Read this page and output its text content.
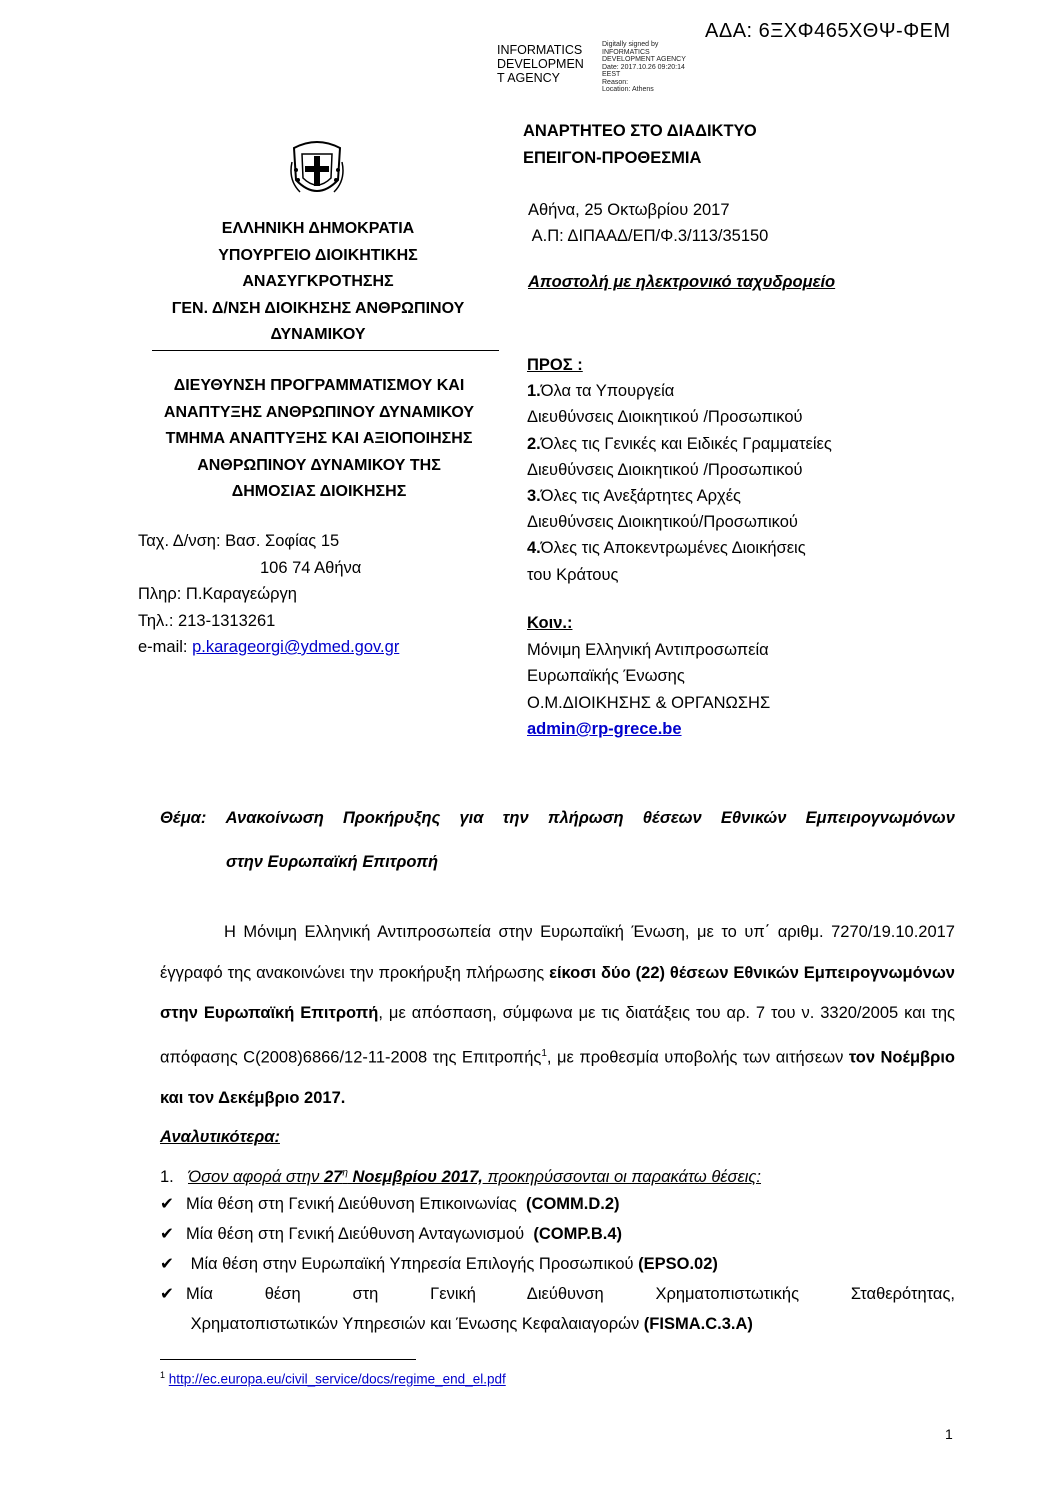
ΑΔΑ: 6ΞΧΦ465ΧΘΨ-ΦΕΜ
INFORMATICS
DEVELOPMEN
T AGENCY
Digitally signed by
INFORMATICS
DEVELOPMENT AGENCY
Date: 2017.10.26 09:20:14
EEST
Reason:
Location: Athens
ΕΛΛΗΝΙΚΗ ΔΗΜΟΚΡΑΤΙΑ
ΥΠΟΥΡΓΕΙΟ ΔΙΟΙΚΗΤΙΚΗΣ
ΑΝΑΣΥΓΚΡΟΤΗΣΗΣ
ΓΕΝ. Δ/ΝΣΗ ΔΙΟΙΚΗΣΗΣ ΑΝΘΡΩΠΙΝΟΥ
ΔΥΝΑΜΙΚΟΥ
ΔΙΕΥΘΥΝΣΗ ΠΡΟΓΡΑΜΜΑΤΙΣΜΟΥ ΚΑΙ
ΑΝΑΠΤΥΞΗΣ ΑΝΘΡΩΠΙΝΟΥ ΔΥΝΑΜΙΚΟΥ
ΤΜΗΜΑ ΑΝΑΠΤΥΞΗΣ ΚΑΙ ΑΞΙΟΠΟΙΗΣΗΣ
ΑΝΘΡΩΠΙΝΟΥ ΔΥΝΑΜΙΚΟΥ ΤΗΣ
ΔΗΜΟΣΙΑΣ ΔΙΟΙΚΗΣΗΣ
Ταχ. Δ/νση: Βασ. Σοφίας 15
106 74 Αθήνα
Πληρ: Π.Καραγεώργη
Τηλ.: 213-1313261
e-mail: p.karageorgi@ydmed.gov.gr
ΑΝΑΡΤΗΤΕΟ ΣΤΟ ΔΙΑΔΙΚΤΥΟ
ΕΠΕΙΓΟΝ-ΠΡΟΘΕΣΜΙΑ
Αθήνα, 25 Οκτωβρίου 2017
Α.Π: ΔΙΠΑΑΔ/ΕΠ/Φ.3/113/35150
Αποστολή με ηλεκτρονικό ταχυδρομείο
ΠΡΟΣ :
1.Όλα τα Υπουργεία
Διευθύνσεις Διοικητικού /Προσωπικού
2.Όλες τις Γενικές και Ειδικές Γραμματείες
Διευθύνσεις Διοικητικού /Προσωπικού
3.Όλες τις Ανεξάρτητες Αρχές
Διευθύνσεις Διοικητικού/Προσωπικού
4.Όλες τις Αποκεντρωμένες Διοικήσεις
του Κράτους
Κοιν.:
Μόνιμη Ελληνική Αντιπροσωπεία
Ευρωπαϊκής Ένωσης
Ο.Μ.ΔΙΟΙΚΗΣΗΣ & ΟΡΓΑΝΩΣΗΣ
admin@rp-grece.be
Θέμα: Ανακοίνωση Προκήρυξης για την πλήρωση θέσεων Εθνικών Εμπειρογνωμόνων
στην Ευρωπαϊκή Επιτροπή

Η Μόνιμη Ελληνική Αντιπροσωπεία στην Ευρωπαϊκή Ένωση, με το υπ΄ αριθμ. 7270/19.10.2017 έγγραφό της ανακοινώνει την προκήρυξη πλήρωσης είκοσι δύο (22) θέσεων Εθνικών Εμπειρογνωμόνων στην Ευρωπαϊκή Επιτροπή, με απόσπαση, σύμφωνα με τις διατάξεις του αρ. 7 του ν. 3320/2005 και της απόφασης C(2008)6866/12-11-2008 της Επιτροπής$^1$, με προθεσμία υποβολής των αιτήσεων τον Νοέμβριο και τον Δεκέμβριο 2017.

Αναλυτικότερα:
1. Όσον αφορά στην $27^\eta$ Νοεμβρίου 2017, προκηρύσσονται οι παρακάτω θέσεις:
✔ Μία θέση στη Γενική Διεύθυνση Επικοινωνίας  (COMM.D.2)
✔ Μία θέση στη Γενική Διεύθυνση Ανταγωνισμού  (COMP.B.4)
✔ Μία θέση στην Ευρωπαϊκή Υπηρεσία Επιλογής Προσωπικού (EPSO.02)
✔ Μία θέση στη Γενική Διεύθυνση Χρηματοπιστωτικής Σταθερότητας,
Χρηματοπιστωτικών Υπηρεσιών και Ένωσης Κεφαλαιαγορών (FISMA.C.3.A)
$^1$ http://ec.europa.eu/civil_service/docs/regime_end_el.pdf
1
